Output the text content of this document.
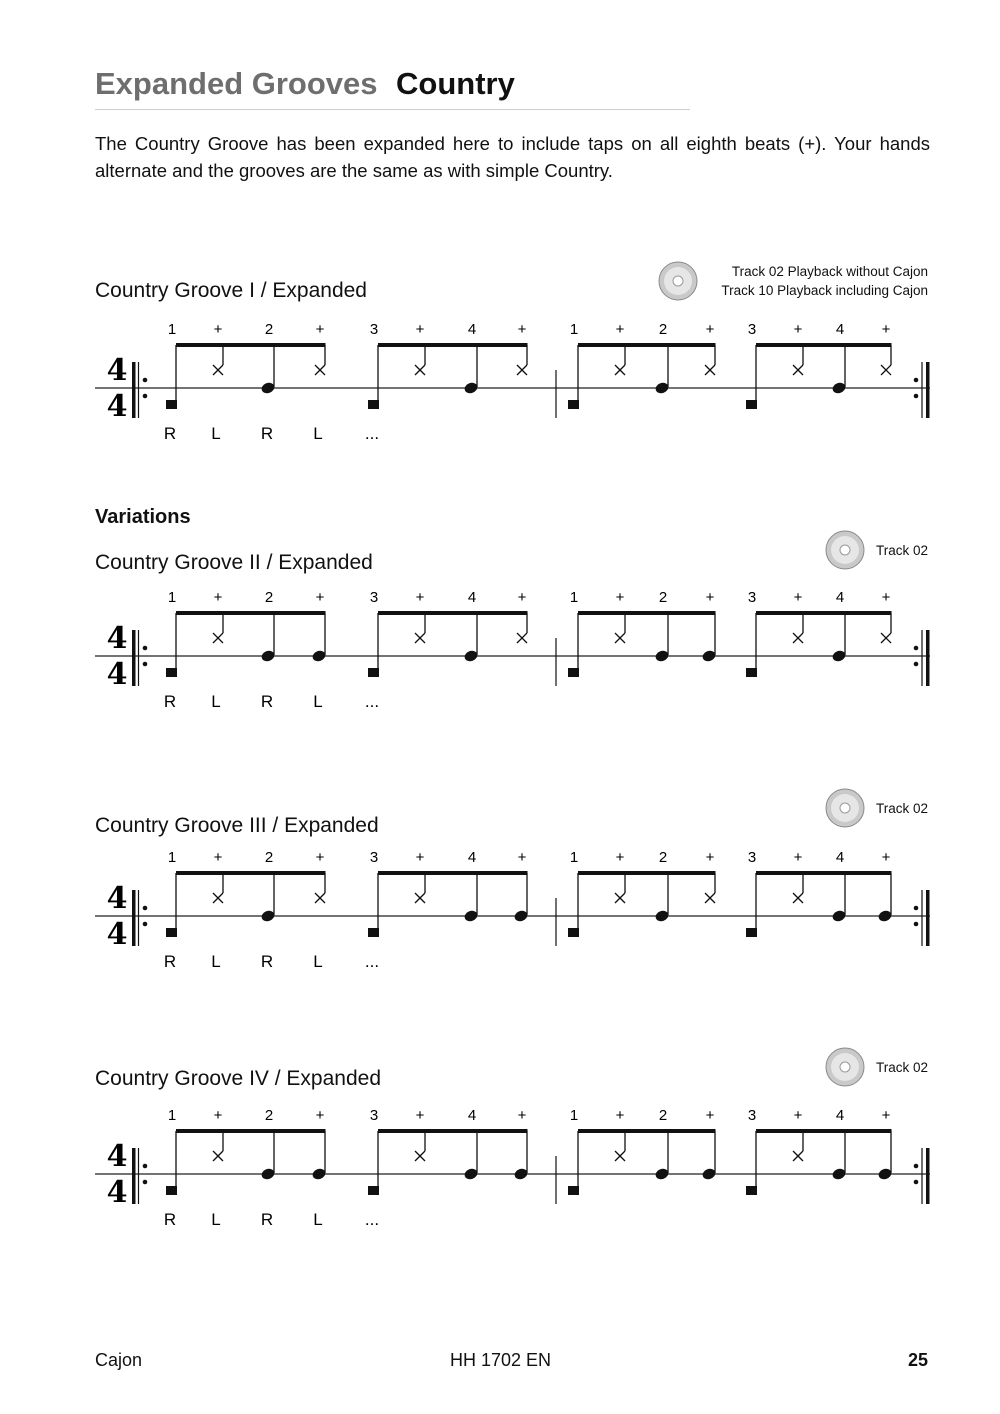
Expanded Grooves Country
The Country Groove has been expanded here to include taps on all eighth beats (+). Your hands alternate and the grooves are the same as with simple Country.
Country Groove I / Expanded
Track 02 Playback without Cajon
Track 10 Playback including Cajon
4
4
1 +	2	+	3 +	4	+	1 + 2	+ 3 + 4 +
R L R L ...
Variations
Country Groove II / Expanded
Track 02
4
4
1 +	2	+	3 +	4	+	1 + 2	+ 3 + 4 +
R L R L ...
Country Groove III / Expanded
Track 02
4
4
1 +	2	+	3 +	4	+	1 + 2	+ 3 + 4 +
R L R L ...
Country Groove IV / Expanded	Track 02
4
4
1 +	2	+	3 +	4	+	1 + 2	+ 3 + 4 +
R L R L ...
Cajon	HH 1702 EN	25
